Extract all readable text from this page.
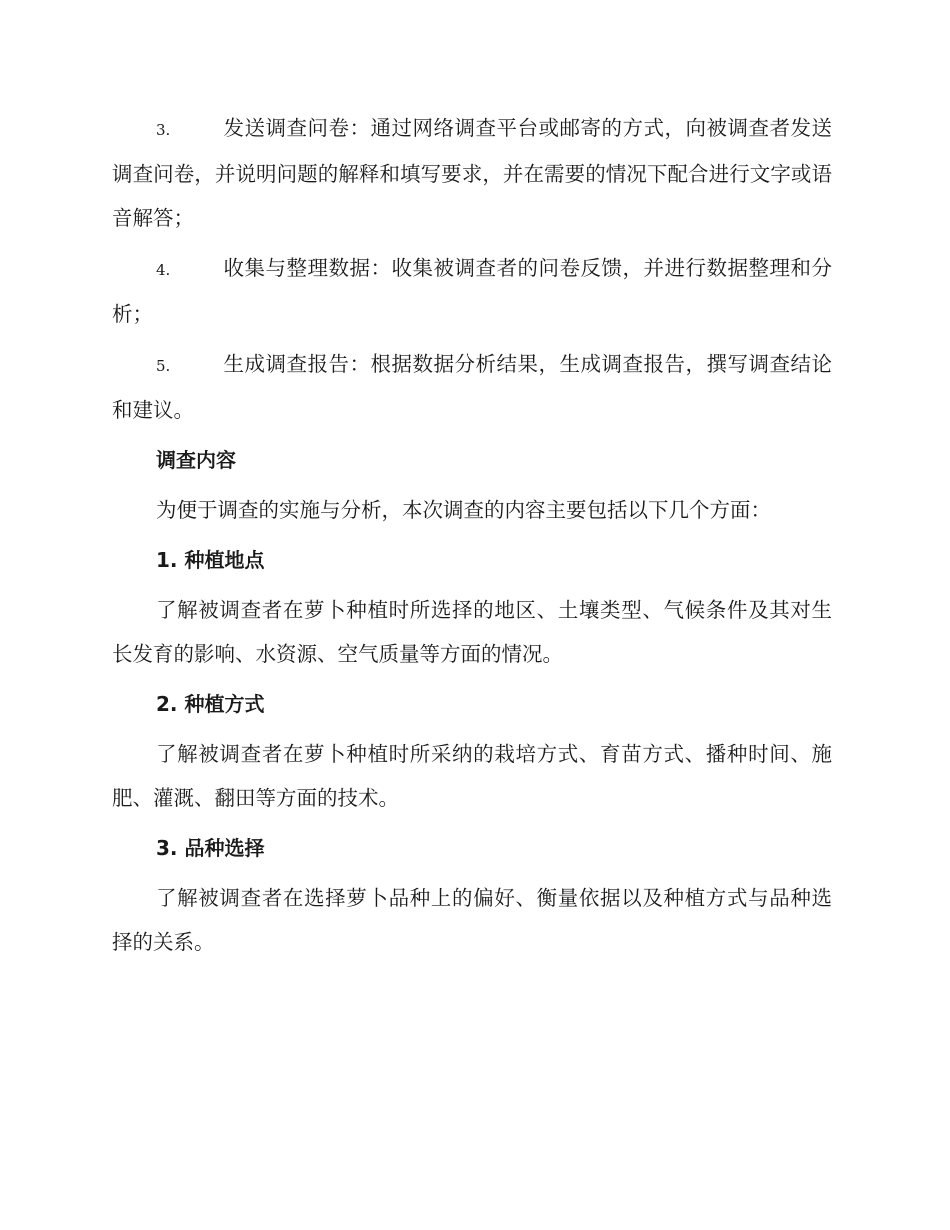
3.	发送调查问卷：通过网络调查平台或邮寄的方式，向被调查者发送调查问卷，并说明问题的解释和填写要求，并在需要的情况下配合进行文字或语音解答；

4.	收集与整理数据：收集被调查者的问卷反馈，并进行数据整理和分析；

5.	生成调查报告：根据数据分析结果，生成调查报告，撰写调查结论和建议。

调查内容

为便于调查的实施与分析，本次调查的内容主要包括以下几个方面：

1. 种植地点

了解被调查者在萝卜种植时所选择的地区、土壤类型、气候条件及其对生长发育的影响、水资源、空气质量等方面的情况。

2. 种植方式

了解被调查者在萝卜种植时所采纳的栽培方式、育苗方式、播种时间、施肥、灌溉、翻田等方面的技术。

3. 品种选择

了解被调查者在选择萝卜品种上的偏好、衡量依据以及种植方式与品种选择的关系。
